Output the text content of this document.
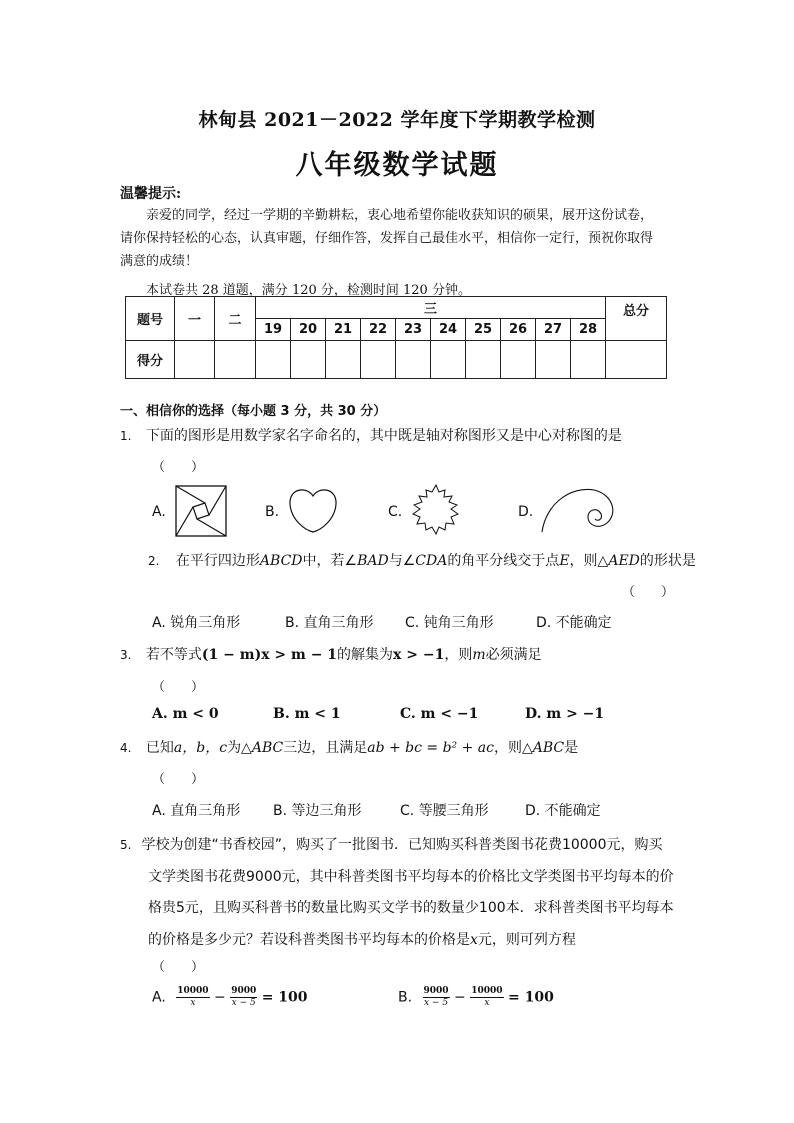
林甸县 2021－2022 学年度下学期教学检测
八年级数学试题
温馨提示:
亲爱的同学，经过一学期的辛勤耕耘，衷心地希望你能收获知识的硕果，展开这份试卷，请你保持轻松的心态，认真审题，仔细作答，发挥自己最佳水平，相信你一定行，预祝你取得满意的成绩！
本试卷共 28 道题，满分 120 分，检测时间 120 分钟。
题号	一	二	三										总分
			19	20	21	22	23	24	25	26	27	28	
得分													
一、相信你的选择（每小题 3 分，共 30 分）
1. 下面的图形是用数学家名字命名的，其中既是轴对称图形又是中心对称图的是
（　　）
A.	B.	C.	D.
2. 在平行四边形ABCD中，若∠BAD与∠CDA的角平分线交于点E，则△AED的形状是
（　　）
A. 锐角三角形	B. 直角三角形 C. 钝角三角形	D. 不能确定
3. 若不等式(1 − m)x > m − 1的解集为x > −1，则m必须满足
（　　）
A. m < 0	B. m < 1	C. m < −1	D. m > −1
4. 已知a，b，c为△ABC三边，且满足ab + bc = b² + ac，则△ABC是
（　　）
A. 直角三角形 B. 等边三角形	C. 等腰三角形	D. 不能确定
5. 学校为创建“书香校园”，购买了一批图书．已知购买科普类图书花费10000元，购买
文学类图书花费9000元，其中科普类图书平均每本的价格比文学类图书平均每本的价
格贵5元，且购买科普书的数量比购买文学书的数量少100本．求科普类图书平均每本
的价格是多少元？若设科普类图书平均每本的价格是x元，则可列方程
（　　）
A. $\frac{10000}{x} - \frac{9000}{x - 5} = 100$	B. $\frac{9000}{x - 5} - \frac{10000}{x} = 100$
